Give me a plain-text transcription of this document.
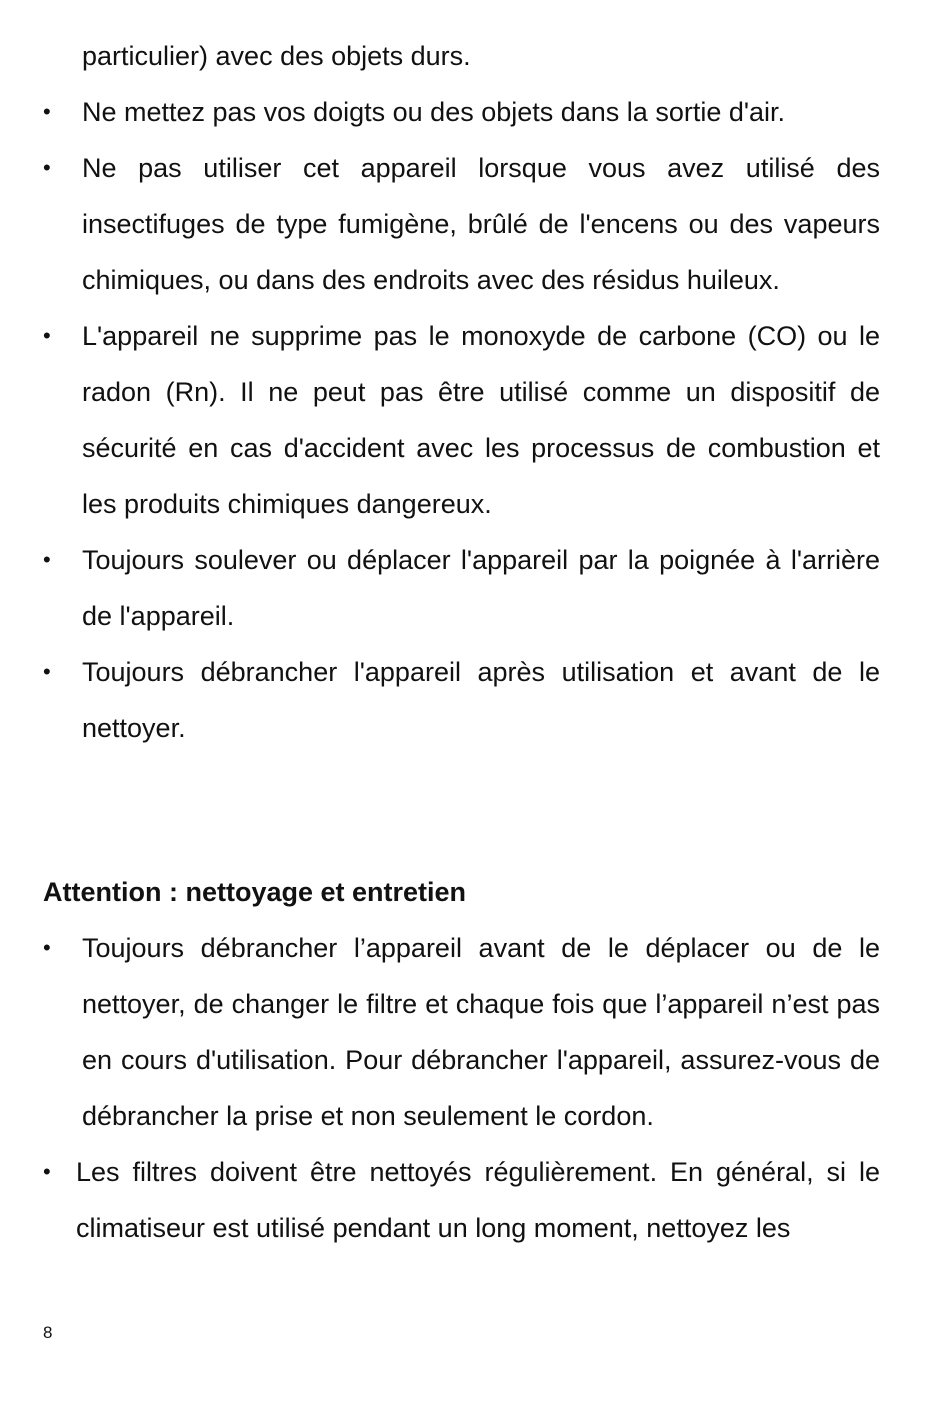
particulier) avec des objets durs.
• Ne mettez pas vos doigts ou des objets dans la sortie d'air.
• Ne pas utiliser cet appareil lorsque vous avez utilisé des insectifuges de type fumigène, brûlé de l'encens ou des vapeurs chimiques, ou dans des endroits avec des résidus huileux.
• L'appareil ne supprime pas le monoxyde de carbone (CO) ou le radon (Rn). Il ne peut pas être utilisé comme un dispositif de sécurité en cas d'accident avec les processus de combustion et les produits chimiques dangereux.
• Toujours soulever ou déplacer l'appareil par la poignée à l'arrière de l'appareil.
• Toujours débrancher l'appareil après utilisation et avant de le nettoyer.
Attention : nettoyage et entretien
• Toujours débrancher l’appareil avant de le déplacer ou de le nettoyer, de changer le filtre et chaque fois que l’appareil n’est pas en cours d'utilisation. Pour débrancher l'appareil, assurez-vous de débrancher la prise et non seulement le cordon.
• Les filtres doivent être nettoyés régulièrement. En général, si le climatiseur est utilisé pendant un long moment, nettoyez les
8
